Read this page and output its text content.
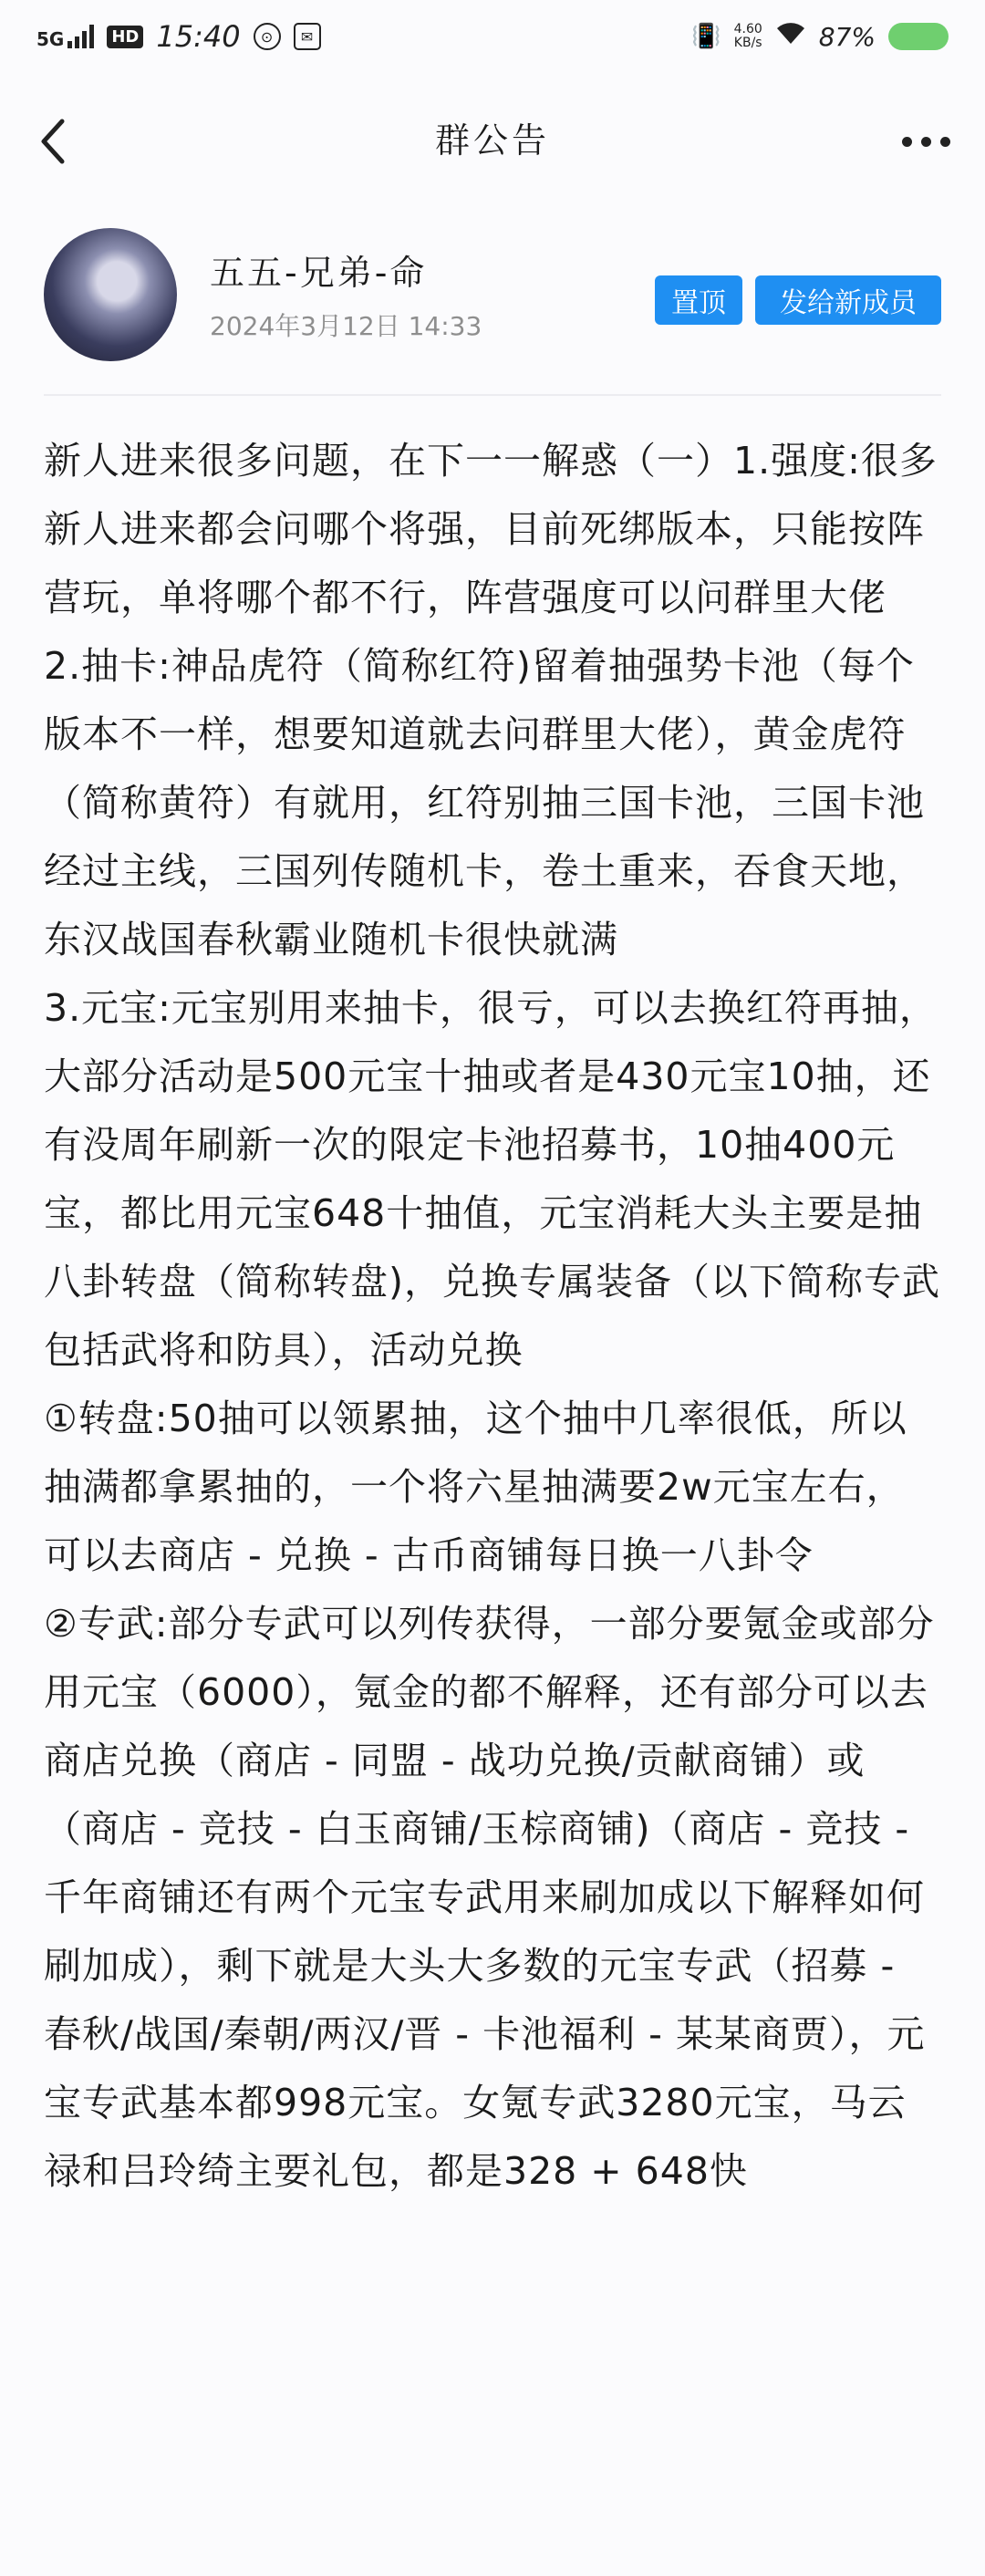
5G	HD 15:40	⊙	✉	📳 4.60
KB/s 87%
群公告
五五-兄弟-命
2024年3月12日 14:33
置顶	发给新成员

新人进来很多问题，在下一一解惑（一）1.强度:很多新人进来都会问哪个将强，目前死绑版本，只能按阵营玩，单将哪个都不行，阵营强度可以问群里大佬

2.抽卡:神品虎符（简称红符)留着抽强势卡池（每个版本不一样，想要知道就去问群里大佬），黄金虎符（简称黄符）有就用，红符别抽三国卡池，三国卡池经过主线，三国列传随机卡，卷土重来，吞食天地，东汉战国春秋霸业随机卡很快就满

3.元宝:元宝别用来抽卡，很亏，可以去换红符再抽，大部分活动是500元宝十抽或者是430元宝10抽，还有没周年刷新一次的限定卡池招募书，10抽400元宝，都比用元宝648十抽值，元宝消耗大头主要是抽八卦转盘（简称转盘)，兑换专属装备（以下简称专武包括武将和防具），活动兑换

①转盘:50抽可以领累抽，这个抽中几率很低，所以抽满都拿累抽的，一个将六星抽满要2w元宝左右，可以去商店 - 兑换 - 古币商铺每日换一八卦令

②专武:部分专武可以列传获得，一部分要氪金或部分用元宝（6000），氪金的都不解释，还有部分可以去商店兑换（商店 - 同盟 - 战功兑换/贡献商铺）或（商店 - 竞技 - 白玉商铺/玉棕商铺)（商店 - 竞技 - 千年商铺还有两个元宝专武用来刷加成以下解释如何刷加成），剩下就是大头大多数的元宝专武（招募 - 春秋/战国/秦朝/两汉/晋 - 卡池福利 - 某某商贾），元宝专武基本都998元宝。女氪专武3280元宝，马云禄和吕玲绮主要礼包，都是328 + 648快
